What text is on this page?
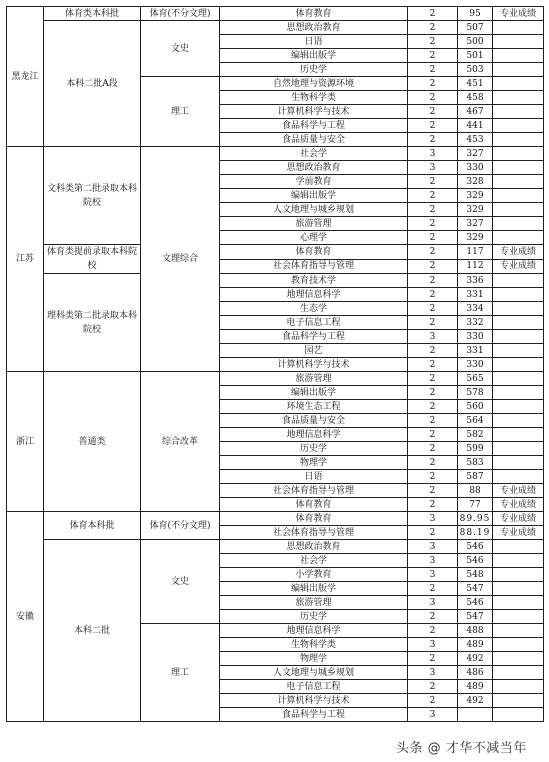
黑龙江	体育类本科批	体育(不分文理)	体育教育	2	95	专业成绩
	本科二批A段	文史	思想政治教育	2	507	
			日语	2	500	
			编辑出版学	2	501	
			历史学	2	503	
		理工	自然地理与资源环境	2	451	
			生物科学类	2	458	
			计算机科学与技术	2	467	
			食品科学与工程	2	441	
			食品质量与安全	2	453	
江苏	文科类第二批录取本科院校	文理综合	社会学	3	327	
			思想政治教育	3	330	
			学前教育	2	328	
			编辑出版学	2	329	
			人文地理与城乡规划	2	329	
			旅游管理	2	327	
			心理学	2	329	
	体育类提前录取本科院校		体育教育	2	117	专业成绩
			社会体育指导与管理	2	112	专业成绩
	理科类第二批录取本科院校		教育技术学	2	336	
			地理信息科学	2	331	
			生态学	2	334	
			电子信息工程	2	332	
			食品科学与工程	3	330	
			园艺	2	331	
			计算机科学与技术	2	330	
浙江	普通类	综合改革	旅游管理	2	565	
			编辑出版学	2	578	
			环境生态工程	2	560	
			食品质量与安全	2	564	
			地理信息科学	2	582	
			历史学	2	599	
			物理学	2	583	
			日语	2	587	
			社会体育指导与管理	2	88	专业成绩
			体育教育	2	77	专业成绩
安徽	体育本科批	体育(不分文理)	体育教育	3	89.95	专业成绩
			社会体育指导与管理	2	88.19	专业成绩
	本科二批	文史	思想政治教育	3	546	
			社会学	3	546	
			小学教育	3	548	
			编辑出版学	2	547	
			旅游管理	3	546	
			历史学	2	547	
		理工	地理信息科学	2	488	
			生物科学类	3	489	
			物理学	2	492	
			人文地理与城乡规划	3	486	
			电子信息工程	2	489	
			计算机科学与技术	2	492	
			食品科学与工程	3		
头条 @ 才华不减当年
